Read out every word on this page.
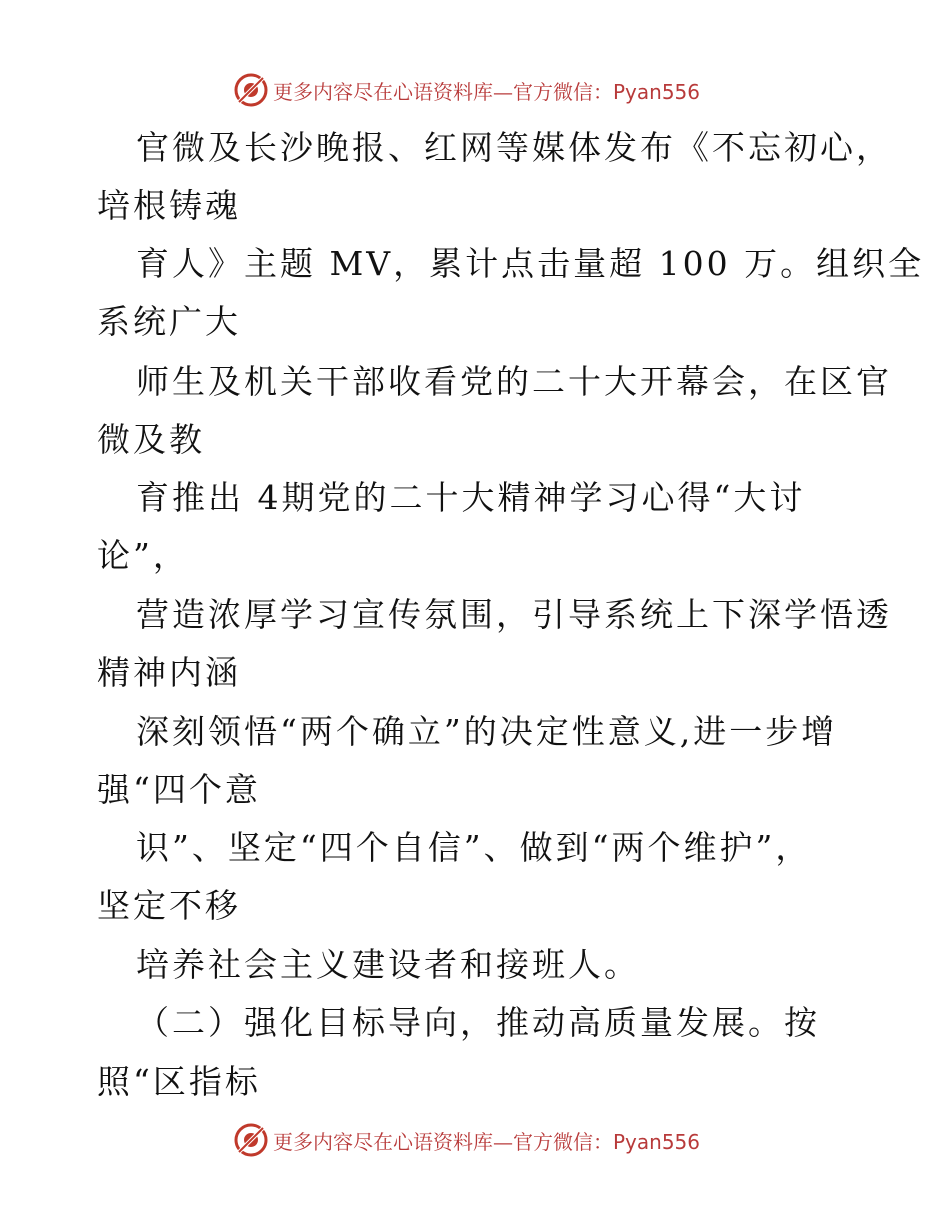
更多内容尽在心语资料库—官方微信：Pyan556
官微及长沙晚报、红网等媒体发布《不忘初心，
培根铸魂
育人》主题 MV，累计点击量超 100 万。组织全
系统广大
师生及机关干部收看党的二十大开幕会，在区官
微及教
育推出 4期党的二十大精神学习心得“大讨
论”，
营造浓厚学习宣传氛围，引导系统上下深学悟透
精神内涵
深刻领悟“两个确立”的决定性意义,进一步增
强“四个意
识”、坚定“四个自信”、做到“两个维护”，
坚定不移
培养社会主义建设者和接班人。
（二）强化目标导向，推动高质量发展。按
照“区指标
更多内容尽在心语资料库—官方微信：Pyan556
